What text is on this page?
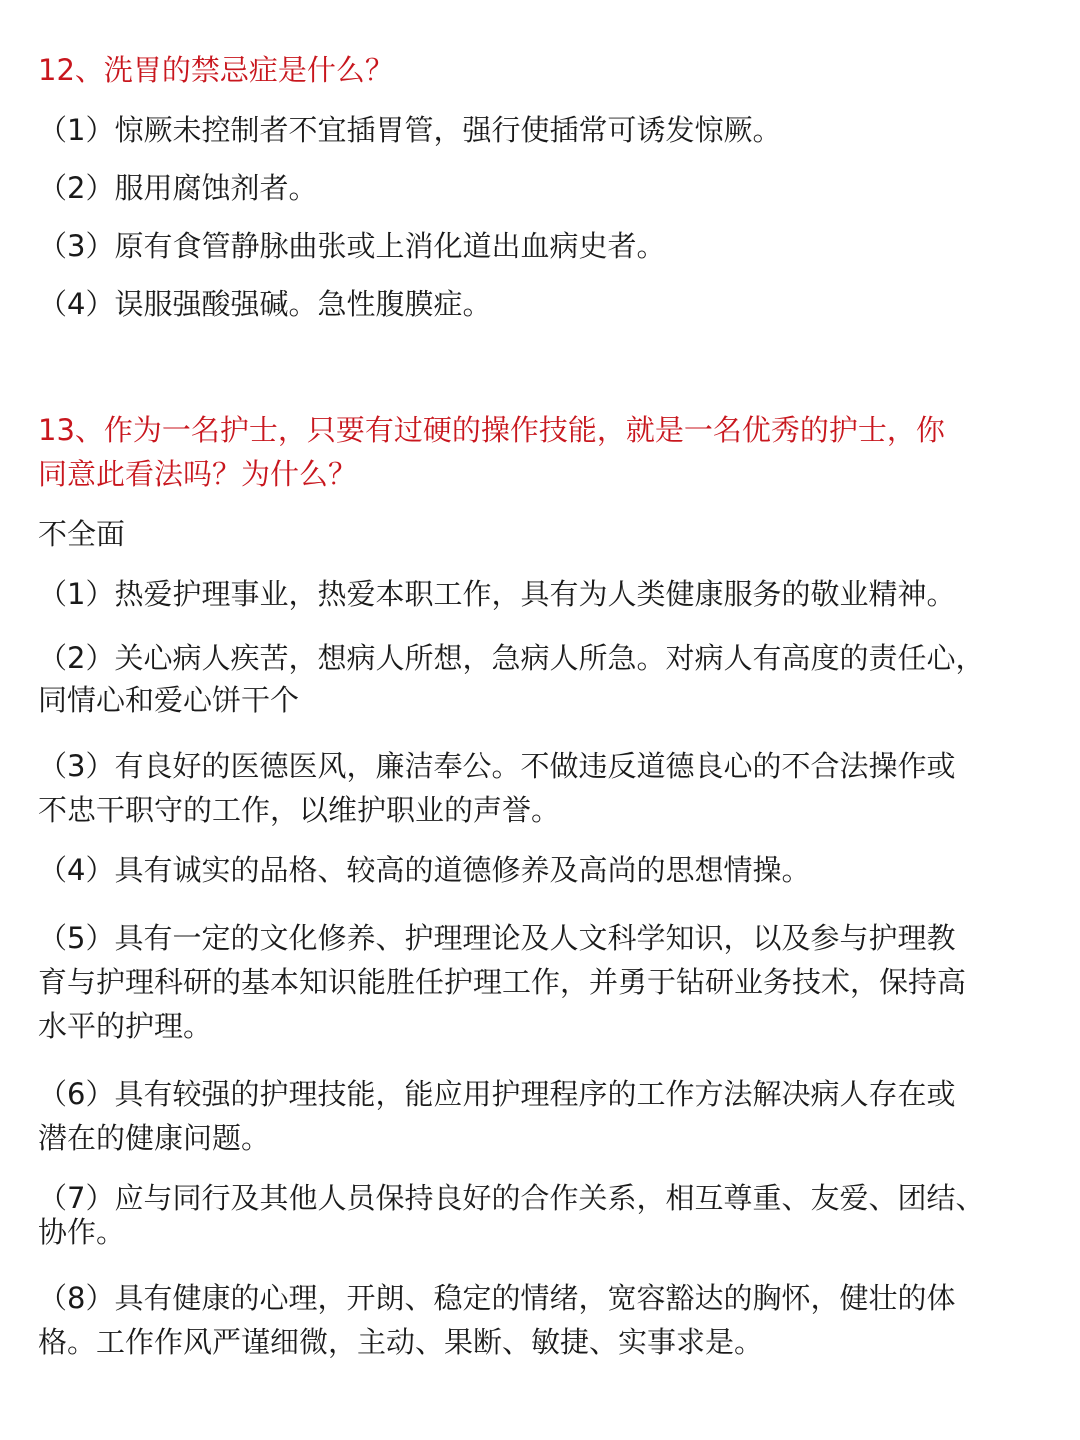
12、洗胃的禁忌症是什么？
（1）惊厥未控制者不宜插胃管，强行使插常可诱发惊厥。
（2）服用腐蚀剂者。
（3）原有食管静脉曲张或上消化道出血病史者。
（4）误服强酸强碱。急性腹膜症。
13、作为一名护士，只要有过硬的操作技能，就是一名优秀的护士，你
同意此看法吗？为什么？
不全面
（1）热爱护理事业，热爱本职工作，具有为人类健康服务的敬业精神。
（2）关心病人疾苦，想病人所想，急病人所急。对病人有高度的责任心，
同情心和爱心饼干个
（3）有良好的医德医风，廉洁奉公。不做违反道德良心的不合法操作或
不忠干职守的工作，以维护职业的声誉。
（4）具有诚实的品格、较高的道德修养及高尚的思想情操。
（5）具有一定的文化修养、护理理论及人文科学知识，以及参与护理教
育与护理科研的基本知识能胜任护理工作，并勇于钻研业务技术，保持高
水平的护理。
（6）具有较强的护理技能，能应用护理程序的工作方法解决病人存在或
潜在的健康问题。
（7）应与同行及其他人员保持良好的合作关系，相互尊重、友爱、团结、
协作。
（8）具有健康的心理，开朗、稳定的情绪，宽容豁达的胸怀，健壮的体
格。工作作风严谨细微，主动、果断、敏捷、实事求是。
